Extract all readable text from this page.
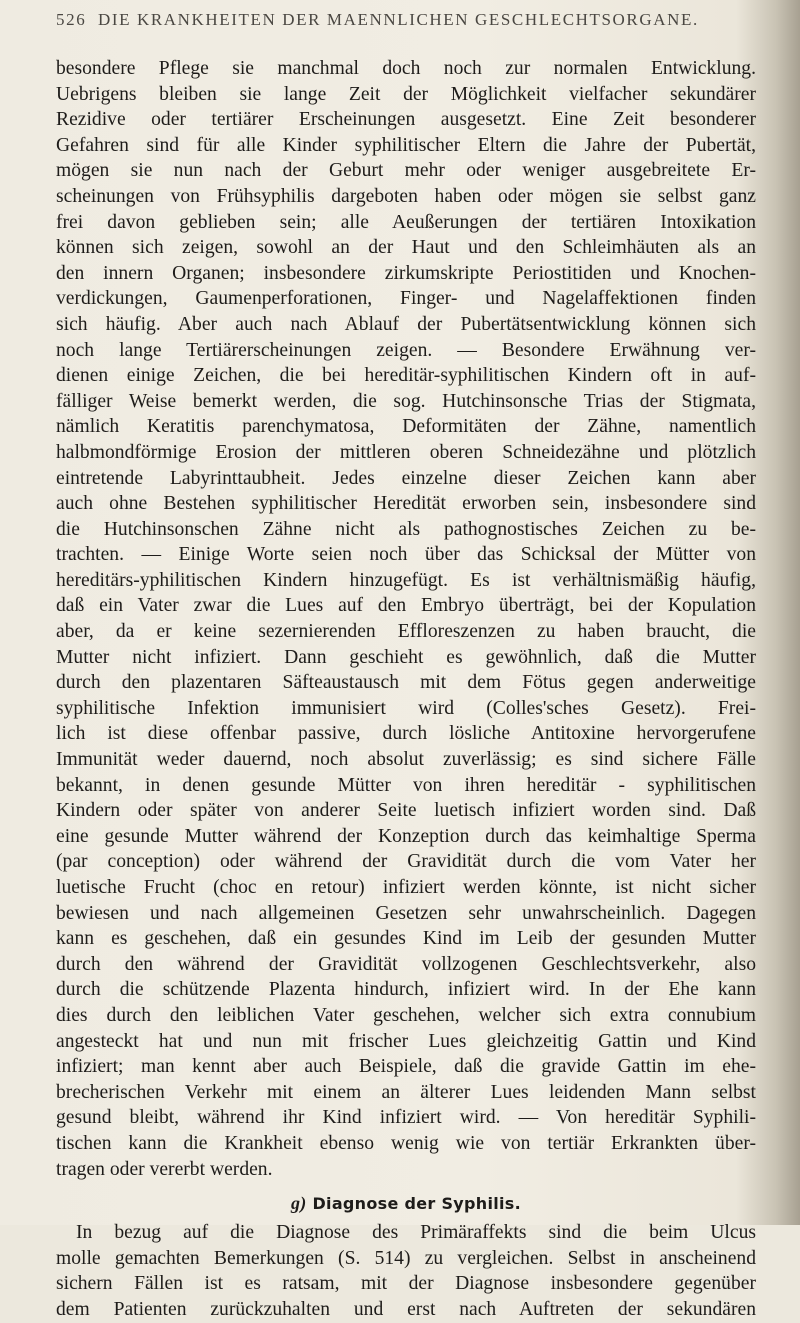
526 DIE KRANKHEITEN DER MAENNLICHEN GESCHLECHTSORGANE.
besondere Pflege sie manchmal doch noch zur normalen Entwicklung.
Uebrigens bleiben sie lange Zeit der Möglichkeit vielfacher sekundärer
Rezidive oder tertiärer Erscheinungen ausgesetzt. Eine Zeit besonderer
Gefahren sind für alle Kinder syphilitischer Eltern die Jahre der Pubertät,
mögen sie nun nach der Geburt mehr oder weniger ausgebreitete Er-
scheinungen von Frühsyphilis dargeboten haben oder mögen sie selbst ganz
frei davon geblieben sein; alle Aeußerungen der tertiären Intoxikation
können sich zeigen, sowohl an der Haut und den Schleimhäuten als an
den innern Organen; insbesondere zirkumskripte Periostitiden und Knochen-
verdickungen, Gaumenperforationen, Finger- und Nagelaffektionen finden
sich häufig. Aber auch nach Ablauf der Pubertätsentwicklung können sich
noch lange Tertiärerscheinungen zeigen. — Besondere Erwähnung ver-
dienen einige Zeichen, die bei hereditär-syphilitischen Kindern oft in auf-
fälliger Weise bemerkt werden, die sog. Hutchinsonsche Trias der Stigmata,
nämlich Keratitis parenchymatosa, Deformitäten der Zähne, namentlich
halbmondförmige Erosion der mittleren oberen Schneidezähne und plötzlich
eintretende Labyrinttaubheit. Jedes einzelne dieser Zeichen kann aber
auch ohne Bestehen syphilitischer Heredität erworben sein, insbesondere sind
die Hutchinsonschen Zähne nicht als pathognostisches Zeichen zu be-
trachten. — Einige Worte seien noch über das Schicksal der Mütter von
hereditärs-yphilitischen Kindern hinzugefügt. Es ist verhältnismäßig häufig,
daß ein Vater zwar die Lues auf den Embryo überträgt, bei der Kopulation
aber, da er keine sezernierenden Effloreszenzen zu haben braucht, die
Mutter nicht infiziert. Dann geschieht es gewöhnlich, daß die Mutter
durch den plazentaren Säfteaustausch mit dem Fötus gegen anderweitige
syphilitische Infektion immunisiert wird (Colles'sches Gesetz). Frei-
lich ist diese offenbar passive, durch lösliche Antitoxine hervorgerufene
Immunität weder dauernd, noch absolut zuverlässig; es sind sichere Fälle
bekannt, in denen gesunde Mütter von ihren hereditär - syphilitischen
Kindern oder später von anderer Seite luetisch infiziert worden sind. Daß
eine gesunde Mutter während der Konzeption durch das keimhaltige Sperma
(par conception) oder während der Gravidität durch die vom Vater her
luetische Frucht (choc en retour) infiziert werden könnte, ist nicht sicher
bewiesen und nach allgemeinen Gesetzen sehr unwahrscheinlich. Dagegen
kann es geschehen, daß ein gesundes Kind im Leib der gesunden Mutter
durch den während der Gravidität vollzogenen Geschlechtsverkehr, also
durch die schützende Plazenta hindurch, infiziert wird. In der Ehe kann
dies durch den leiblichen Vater geschehen, welcher sich extra connubium
angesteckt hat und nun mit frischer Lues gleichzeitig Gattin und Kind
infiziert; man kennt aber auch Beispiele, daß die gravide Gattin im ehe-
brecherischen Verkehr mit einem an älterer Lues leidenden Mann selbst
gesund bleibt, während ihr Kind infiziert wird. — Von hereditär Syphili-
tischen kann die Krankheit ebenso wenig wie von tertiär Erkrankten über-
tragen oder vererbt werden.
g) Diagnose der Syphilis.
In bezug auf die Diagnose des Primäraffekts sind die beim Ulcus
molle gemachten Bemerkungen (S. 514) zu vergleichen. Selbst in anscheinend
sichern Fällen ist es ratsam, mit der Diagnose insbesondere gegenüber
dem Patienten zurückzuhalten und erst nach Auftreten der sekundären
